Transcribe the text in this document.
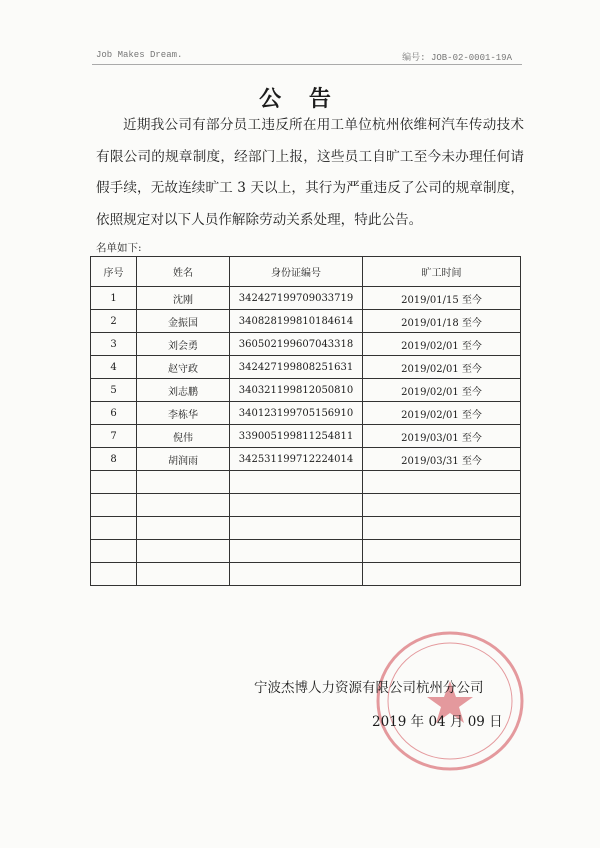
Job Makes Dream.	编号: JOB-02-0001-19A
公 告

近期我公司有部分员工违反所在用工单位杭州依维柯汽车传动技术有限公司的规章制度，经部门上报，这些员工自旷工至今未办理任何请假手续，无故连续旷工 3 天以上，其行为严重违反了公司的规章制度，依照规定对以下人员作解除劳动关系处理，特此公告。

名单如下:
序号	姓名	身份证编号	旷工时间
1	沈刚	342427199709033719	2019/01/15 至今
2	金振国	340828199810184614	2019/01/18 至今
3	刘会勇	360502199607043318	2019/02/01 至今
4	赵守政	342427199808251631	2019/02/01 至今
5	刘志鹏	340321199812050810	2019/02/01 至今
6	李栋华	340123199705156910	2019/02/01 至今
7	倪伟	339005199811254811	2019/03/01 至今
8	胡润雨	342531199712224014	2019/03/31 至今

宁波杰博人力资源有限公司杭州分公司
2019 年 04 月 09 日
